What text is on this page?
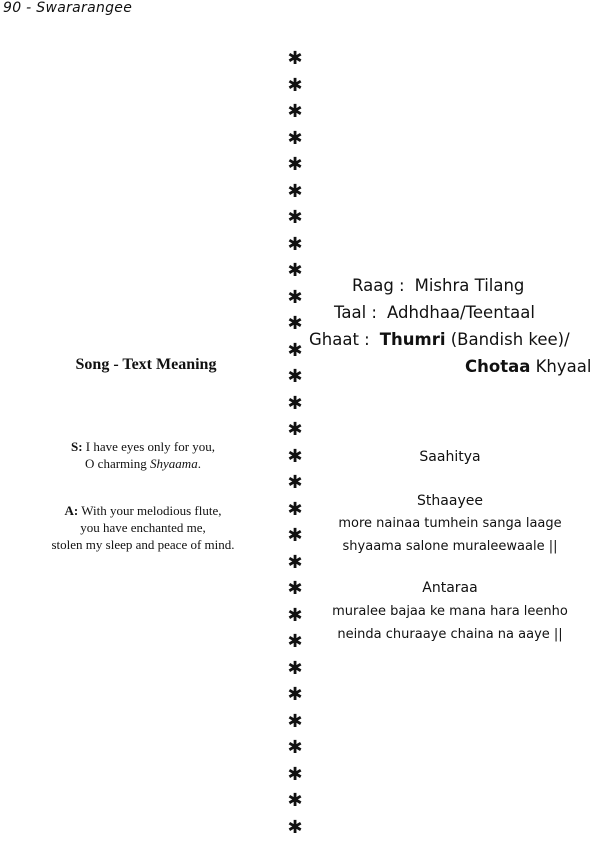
90 - Swararangee
✱
✱
✱
✱
✱
✱
✱
✱
✱
✱
✱
✱
✱
✱
✱
✱
✱
✱
✱
✱
✱
✱
✱
✱
✱
✱
✱
✱
✱
✱
Song - Text Meaning
S: I have eyes only for you,
O charming Shyaama.
A: With your melodious flute,
you have enchanted me,
stolen my sleep and peace of mind.
Raag : Mishra Tilang
Taal : Adhdhaa/Teentaal
Ghaat : Thumri (Bandish kee)/
Chotaa Khyaal
Saahitya
Sthaayee
more nainaa tumhein sanga laage
shyaama salone muraleewaale ||
Antaraa
muralee bajaa ke mana hara leenho
neinda churaaye chaina na aaye ||
